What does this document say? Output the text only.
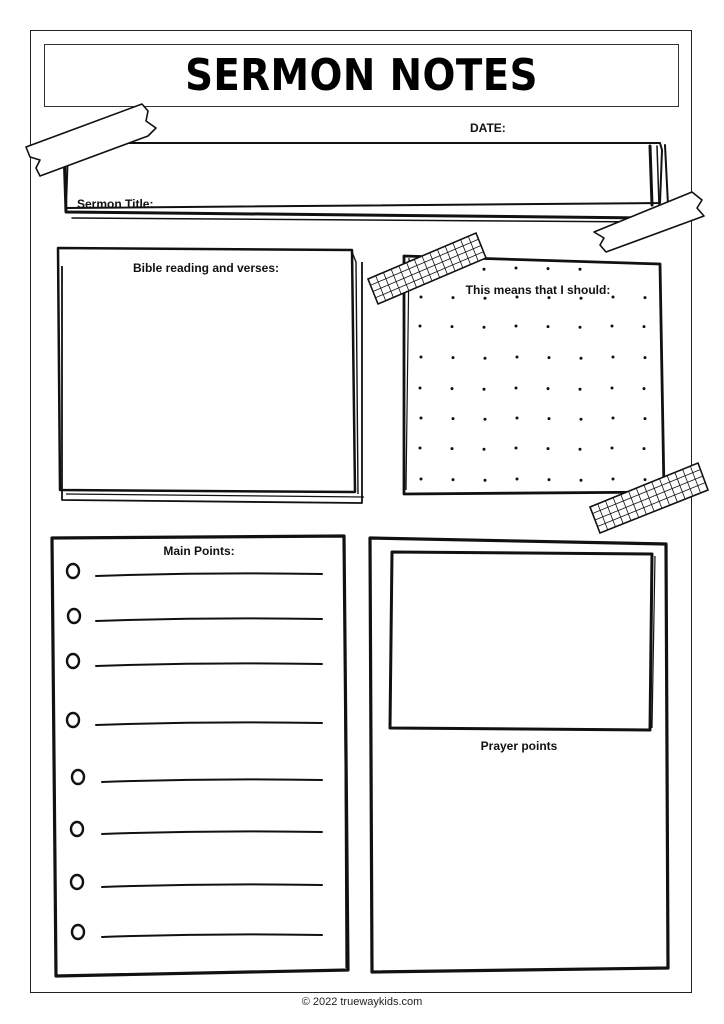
SERMON NOTES
DATE:
Sermon Title:
Bible reading and verses:
This means that I should:
Main Points:
Prayer points
© 2022 truewaykids.com
